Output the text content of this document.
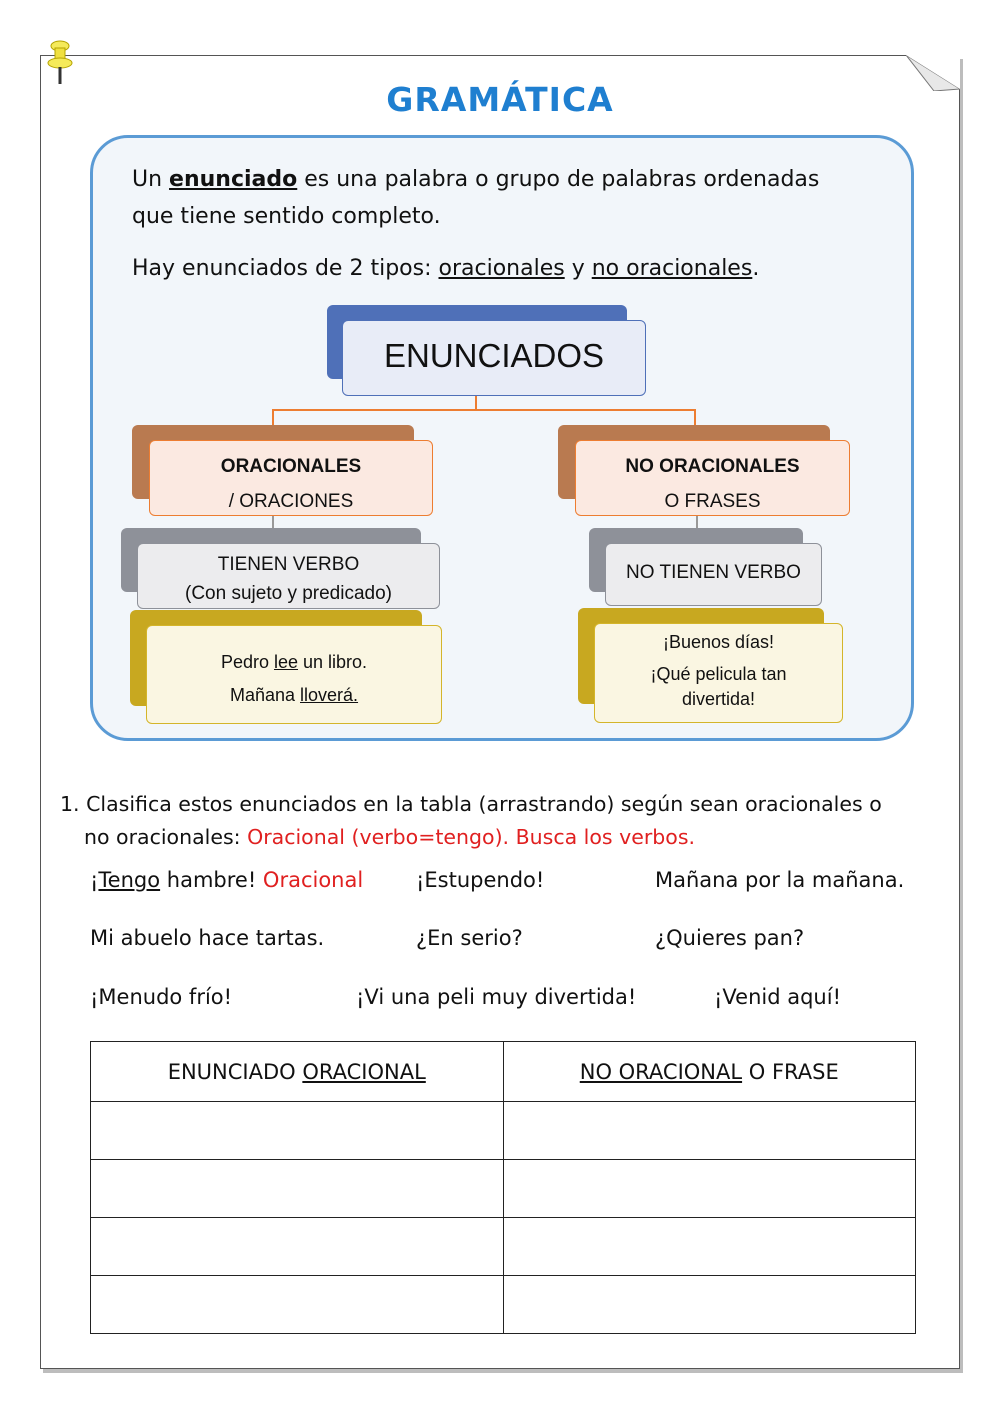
GRAMÁTICA
Un enunciado es una palabra o grupo de palabras ordenadas
que tiene sentido completo.
Hay enunciados de 2 tipos: oracionales y no oracionales.
ENUNCIADOS
ORACIONALES
/ ORACIONES
TIENEN VERBO
(Con sujeto y predicado)
Pedro lee un libro.
Mañana lloverá.
NO ORACIONALES
O FRASES
NO TIENEN VERBO
¡Buenos días!
¡Qué pelicula tan
divertida!
1. Clasifica estos enunciados en la tabla (arrastrando) según sean oracionales o
no oracionales: Oracional (verbo=tengo). Busca los verbos.
¡Tengo hambre! Oracional	¡Estupendo!	Mañana por la mañana.
Mi abuelo hace tartas.	¿En serio?	¿Quieres pan?
¡Menudo frío!	¡Vi una peli muy divertida!	¡Venid aquí!
ENUNCIADO ORACIONAL	NO ORACIONAL O FRASE
